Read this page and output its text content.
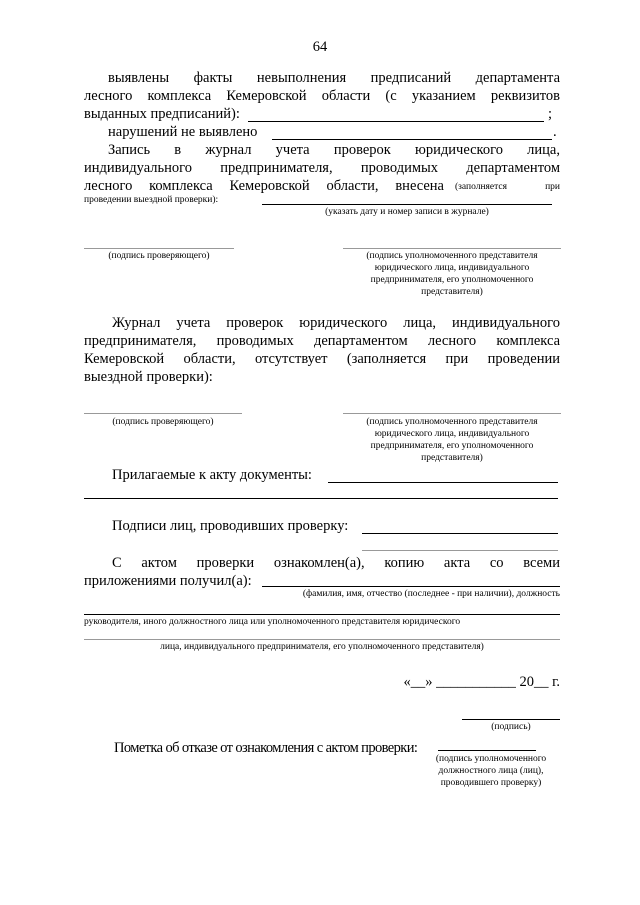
64
выявлены факты невыполнения предписаний департамента
лесного комплекса Кемеровской области (с указанием реквизитов
выданных предписаний):	;
нарушений не выявлено	.
Запись в журнал учета проверок юридического лица,
индивидуального предпринимателя, проводимых департаментом
лесного комплекса Кемеровской области, внесена (заполняется при
проведении выездной проверки):
(указать дату и номер записи в журнале)
(подпись проверяющего)	(подпись уполномоченного представителя
юридического лица, индивидуального
предпринимателя, его уполномоченного
представителя)
Журнал учета проверок юридического лица, индивидуального
предпринимателя, проводимых департаментом лесного комплекса
Кемеровской области, отсутствует (заполняется при проведении
выездной проверки):
(подпись проверяющего)	(подпись уполномоченного представителя
юридического лица, индивидуального
предпринимателя, его уполномоченного
представителя)
Прилагаемые к акту документы:
Подписи лиц, проводивших проверку:
С актом проверки ознакомлен(а), копию акта со всеми
приложениями получил(а):
(фамилия, имя, отчество (последнее - при наличии), должность
руководителя, иного должностного лица или уполномоченного представителя юридического
лица, индивидуального предпринимателя, его уполномоченного представителя)
«__» ___________ 20__ г.
(подпись)
Пометка об отказе от ознакомления с актом проверки:
(подпись уполномоченного
должностного лица (лиц),
проводившего проверку)
